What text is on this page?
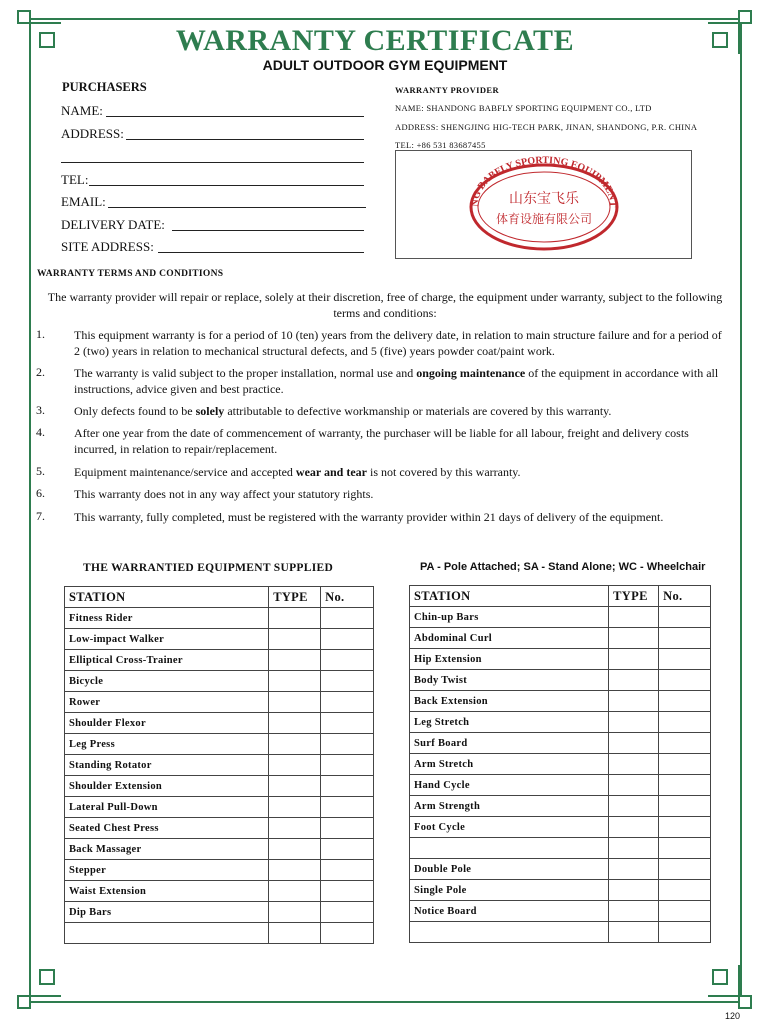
WARRANTY CERTIFICATE
ADULT OUTDOOR GYM EQUIPMENT
PURCHASERS
NAME:
ADDRESS:
TEL:
EMAIL:
DELIVERY DATE:
SITE ADDRESS:
WARRANTY PROVIDER
NAME: SHANDONG BABFLY SPORTING EQUIPMENT CO., LTD
ADDRESS: SHENGJING HIG-TECH PARK, JINAN, SHANDONG, P.R. CHINA
TEL: +86 531 83687455
NG BABFLY SPORTING EQUIPMENT
山东宝飞乐
体育设施有限公司
WARRANTY TERMS AND CONDITIONS
The warranty provider will repair or replace, solely at their discretion, free of charge, the equipment under warranty, subject to the following terms and conditions:
1. This equipment warranty is for a period of 10 (ten) years from the delivery date, in relation to main structure failure and for a period of 2 (two) years in relation to mechanical structural defects, and 5 (five) years powder coat/paint work.
2. The warranty is valid subject to the proper installation, normal use and ongoing maintenance of the equipment in accordance with all instructions, advice given and best practice.
3. Only defects found to be solely attributable to defective workmanship or materials are covered by this warranty.
4. After one year from the date of commencement of warranty, the purchaser will be liable for all labour, freight and delivery costs incurred, in relation to repair/replacement.
5. Equipment maintenance/service and accepted wear and tear is not covered by this warranty.
6. This warranty does not in any way affect your statutory rights.
7. This warranty, fully completed, must be registered with the warranty provider within 21 days of delivery of the equipment.
THE WARRANTIED EQUIPMENT SUPPLIED	PA - Pole Attached; SA - Stand Alone; WC - Wheelchair
STATION	TYPE	No.
Fitness Rider		
Low-impact Walker		
Elliptical Cross-Trainer		
Bicycle		
Rower		
Shoulder Flexor		
Leg Press		
Standing Rotator		
Shoulder Extension		
Lateral Pull-Down		
Seated Chest Press		
Back Massager		
Stepper		
Waist Extension		
Dip Bars		

STATION	TYPE	No.
Chin-up Bars		
Abdominal Curl		
Hip Extension		
Body Twist		
Back Extension		
Leg Stretch		
Surf Board		
Arm Stretch		
Hand Cycle		
Arm Strength		
Foot Cycle		

Double Pole		
Single Pole		
Notice Board		

120
